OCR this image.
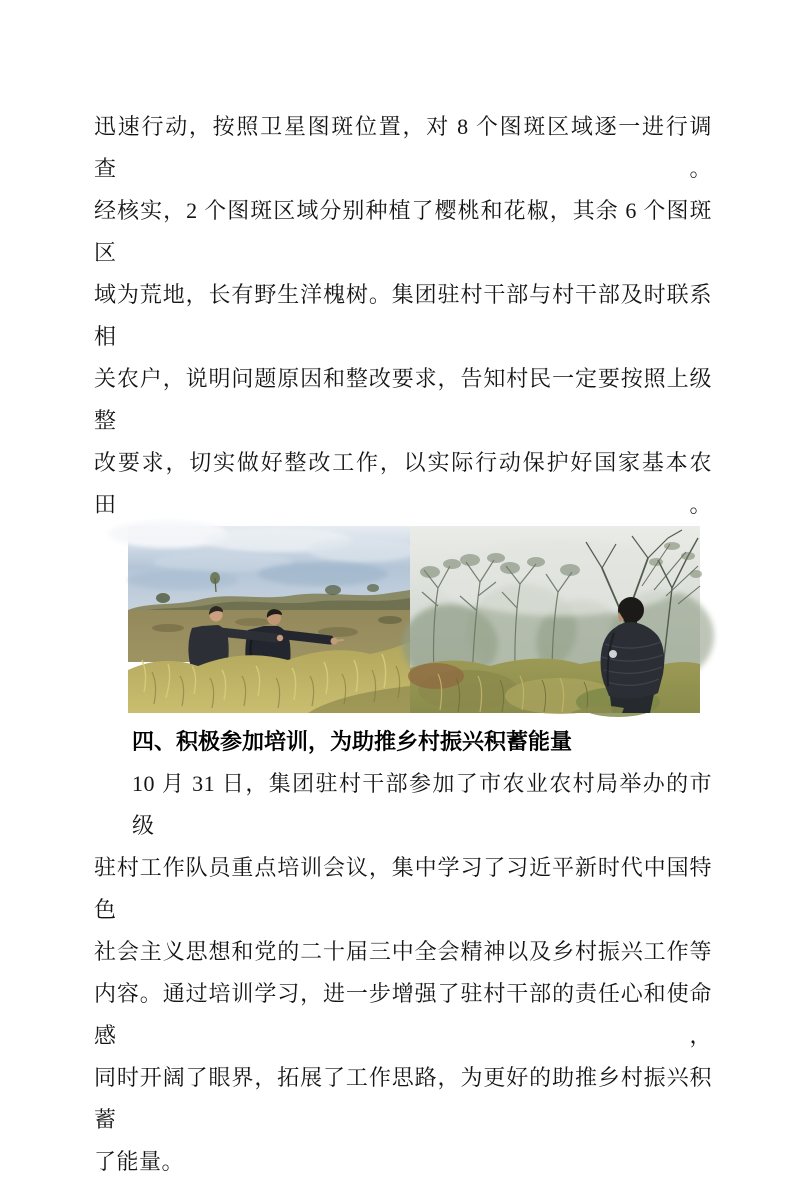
迅速行动，按照卫星图斑位置，对 8 个图斑区域逐一进行调查。

经核实，2 个图斑区域分别种植了樱桃和花椒，其余 6 个图斑区

域为荒地，长有野生洋槐树。集团驻村干部与村干部及时联系相

关农户，说明问题原因和整改要求，告知村民一定要按照上级整

改要求，切实做好整改工作，以实际行动保护好国家基本农田。

四、积极参加培训，为助推乡村振兴积蓄能量

10 月 31 日，集团驻村干部参加了市农业农村局举办的市级

驻村工作队员重点培训会议，集中学习了习近平新时代中国特色

社会主义思想和党的二十届三中全会精神以及乡村振兴工作等

内容。通过培训学习，进一步增强了驻村干部的责任心和使命感，

同时开阔了眼界，拓展了工作思路，为更好的助推乡村振兴积蓄

了能量。
